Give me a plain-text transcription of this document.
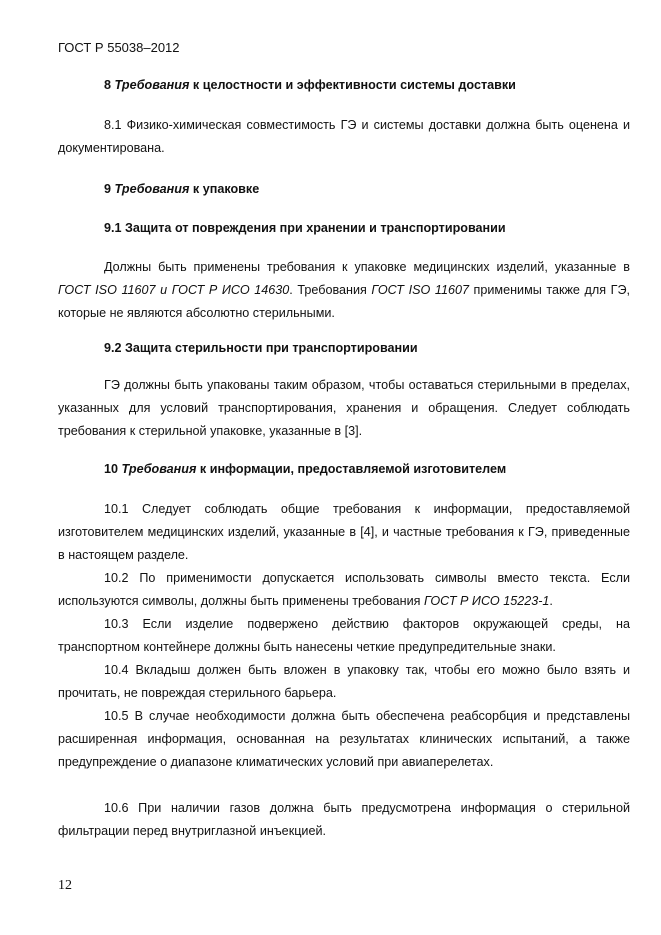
ГОСТ Р 55038–2012
8 Требования к целостности и эффективности системы доставки
8.1 Физико-химическая совместимость ГЭ и системы доставки должна быть оценена и документирована.
9 Требования к упаковке
9.1 Защита от повреждения при хранении и транспортировании
Должны быть применены требования к упаковке медицинских изделий, указанные в ГОСТ ISO 11607 и ГОСТ Р ИСО 14630. Требования ГОСТ ISO 11607 применимы также для ГЭ, которые не являются абсолютно стерильными.
9.2 Защита стерильности при транспортировании
ГЭ должны быть упакованы таким образом, чтобы оставаться стерильными в пределах, указанных для условий транспортирования, хранения и обращения. Следует соблюдать требования к стерильной упаковке, указанные в [3].
10 Требования к информации, предоставляемой изготовителем
10.1 Следует соблюдать общие требования к информации, предоставляемой изготовителем медицинских изделий, указанные в [4], и частные требования к ГЭ, приведенные в настоящем разделе.
10.2 По применимости допускается использовать символы вместо текста. Если используются символы, должны быть применены требования ГОСТ Р ИСО 15223-1.
10.3 Если изделие подвержено действию факторов окружающей среды, на транспортном контейнере должны быть нанесены четкие предупредительные знаки.
10.4 Вкладыш должен быть вложен в упаковку так, чтобы его можно было взять и прочитать, не повреждая стерильного барьера.
10.5 В случае необходимости должна быть обеспечена реабсорбция и представлены расширенная информация, основанная на результатах клинических испытаний, а также предупреждение о диапазоне климатических условий при авиаперелетах.
10.6 При наличии газов должна быть предусмотрена информация о стерильной фильтрации перед внутриглазной инъекцией.
12
